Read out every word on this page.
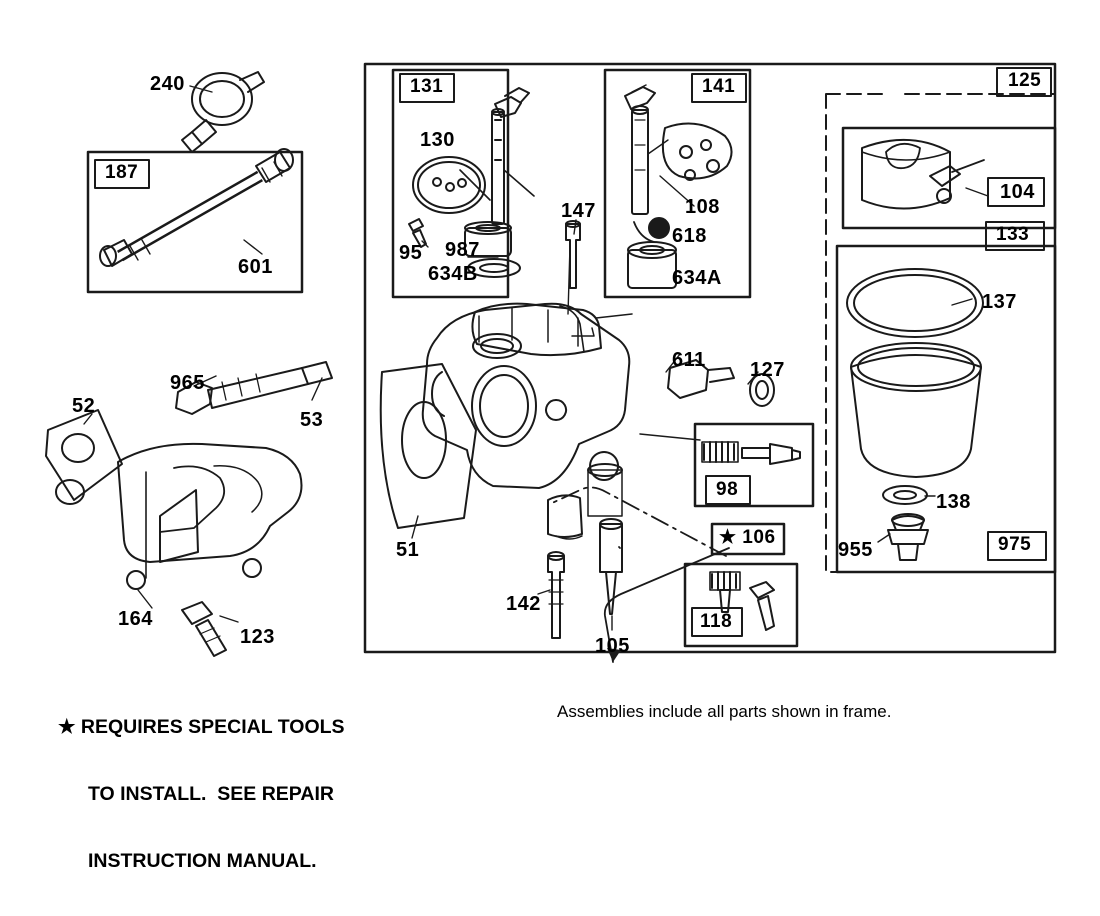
240
187
601
131
130
95 987
634B
147
141
108
618
634A
125
104
133
137
138
955	975
611 127
98
★ 106
118
52
965
53
164
123
51
142
105
Assemblies include all parts shown in frame.

★ REQUIRES SPECIAL TOOLS

TO INSTALL.  SEE REPAIR

INSTRUCTION MANUAL.
